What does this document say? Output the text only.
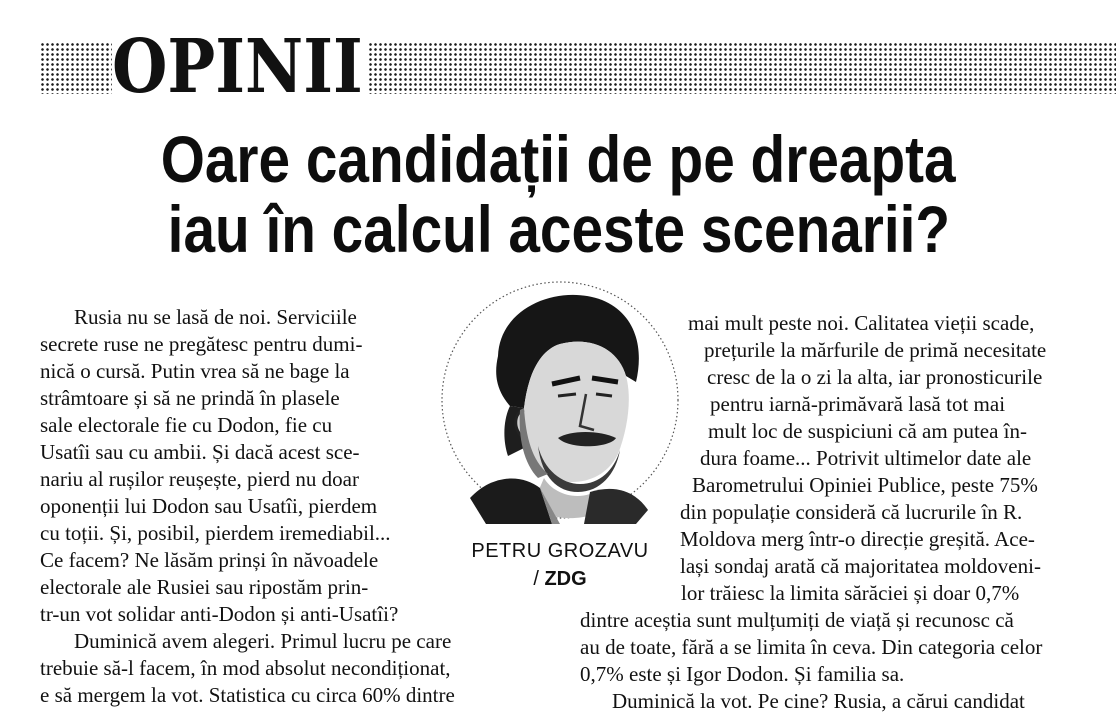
OPINII
Oare candidații de pe dreapta
iau în calcul aceste scenarii?
Rusia nu se lasă de noi. Serviciile
secrete ruse ne pregătesc pentru dumi-
nică o cursă. Putin vrea să ne bage la
strâmtoare și să ne prindă în plasele
sale electorale fie cu Dodon, fie cu
Usatîi sau cu ambii. Și dacă acest sce-
nariu al rușilor reușește, pierd nu doar
oponenții lui Dodon sau Usatîi, pierdem
cu toții. Și, posibil, pierdem iremediabil...
Ce facem? Ne lăsăm prinși în năvoadele
electorale ale Rusiei sau ripostăm prin-
tr-un vot solidar anti-Dodon și anti-Usatîi?
Duminică avem alegeri. Primul lucru pe care
trebuie să-l facem, în mod absolut necondiționat,
e să mergem la vot. Statistica cu circa 60% dintre
PETRU GROZAVU
/ ZDG
mai mult peste noi. Calitatea vieții scade,
prețurile la mărfurile de primă necesitate
cresc de la o zi la alta, iar pronosticurile
pentru iarnă-primăvară lasă tot mai
mult loc de suspiciuni că am putea în-
dura foame... Potrivit ultimelor date ale
Barometrului Opiniei Publice, peste 75%
din populație consideră că lucrurile în R.
Moldova merg într-o direcție greșită. Ace-
lași sondaj arată că majoritatea moldoveni-
lor trăiesc la limita sărăciei și doar 0,7%
dintre aceștia sunt mulțumiți de viață și recunosc că
au de toate, fără a se limita în ceva. Din categoria celor
0,7% este și Igor Dodon. Și familia sa.
Duminică la vot. Pe cine? Rusia, a cărui candidat
